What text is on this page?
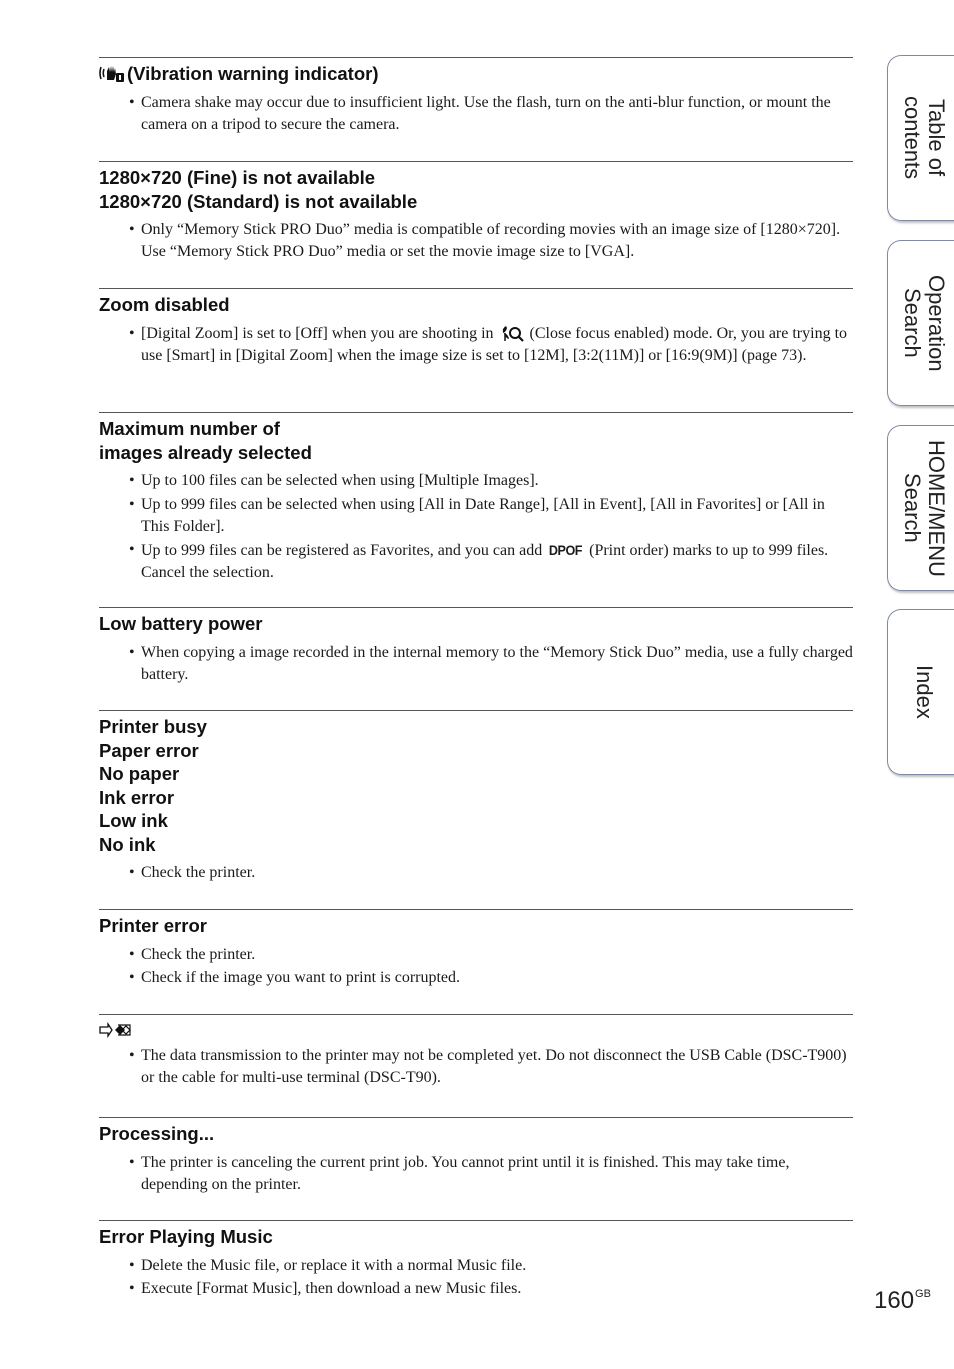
(Vibration warning indicator)
• Camera shake may occur due to insufficient light. Use the flash, turn on the anti-blur function, or mount the camera on a tripod to secure the camera.
1280×720 (Fine) is not available
1280×720 (Standard) is not available
• Only “Memory Stick PRO Duo” media is compatible of recording movies with an image size of [1280×720]. Use “Memory Stick PRO Duo” media or set the movie image size to [VGA].
Zoom disabled
• [Digital Zoom] is set to [Off] when you are shooting in  (Close focus enabled) mode. Or, you are trying to use [Smart] in [Digital Zoom] when the image size is set to [12M], [3:2(11M)] or [16:9(9M)] (page 73).
Maximum number of
images already selected
• Up to 100 files can be selected when using [Multiple Images].
• Up to 999 files can be selected when using [All in Date Range], [All in Event], [All in Favorites] or [All in This Folder].
• Up to 999 files can be registered as Favorites, and you can add DPOF (Print order) marks to up to 999 files. Cancel the selection.
Low battery power
• When copying a image recorded in the internal memory to the “Memory Stick Duo” media, use a fully charged battery.
Printer busy
Paper error
No paper
Ink error
Low ink
No ink
• Check the printer.
Printer error
• Check the printer.
• Check if the image you want to print is corrupted.
• The data transmission to the printer may not be completed yet. Do not disconnect the USB Cable (DSC-T900) or the cable for multi-use terminal (DSC-T90).
Processing...
• The printer is canceling the current print job. You cannot print until it is finished. This may take time, depending on the printer.
Error Playing Music
• Delete the Music file, or replace it with a normal Music file.
• Execute [Format Music], then download a new Music files.
Table of
contents
Operation
Search
HOME/MENU
Search
Index
$160^{GB}$
